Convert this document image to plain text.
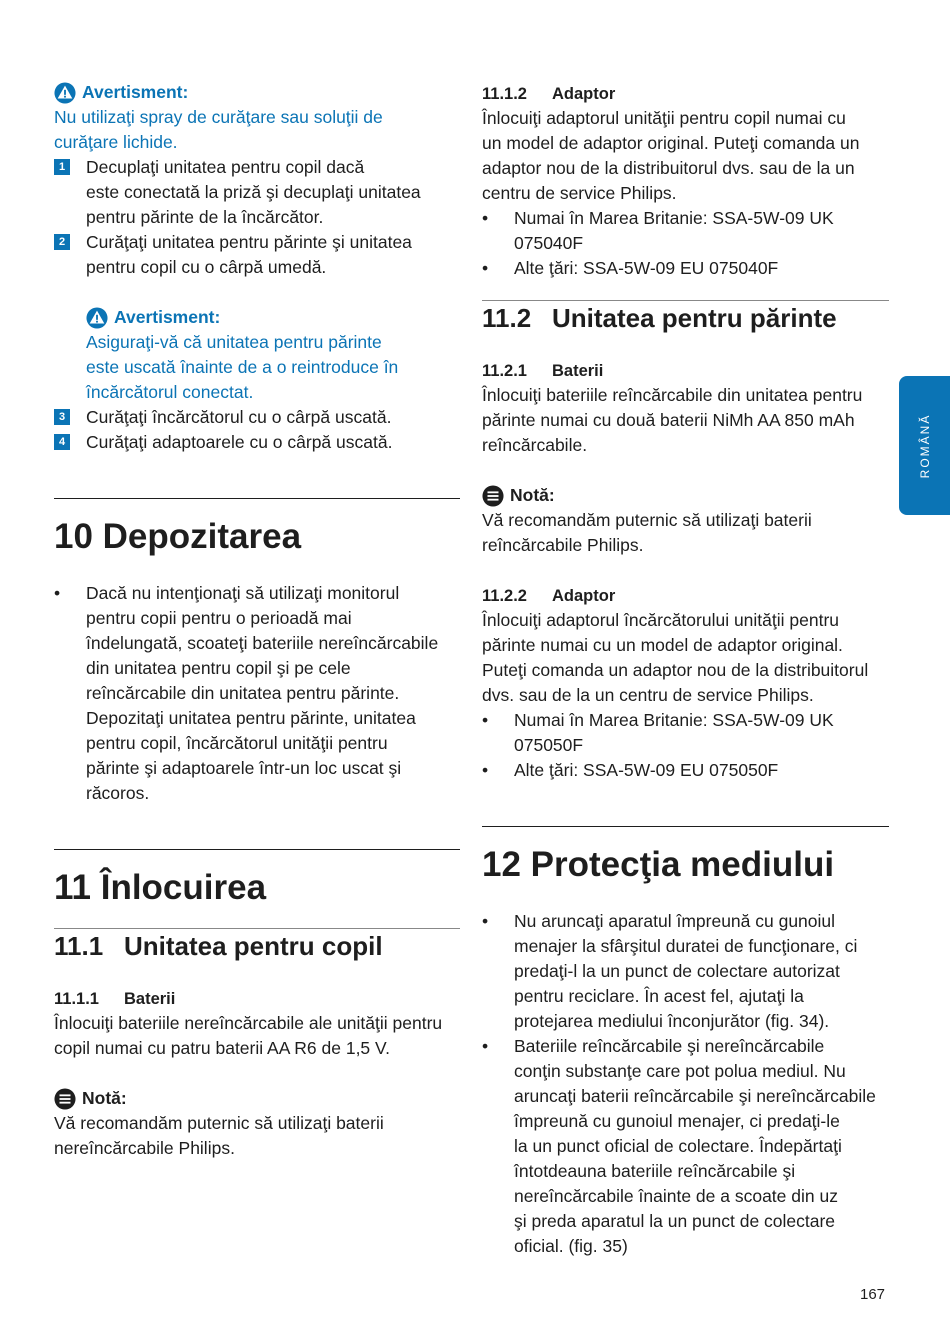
Avertisment:

Nu utilizaţi spray de curăţare sau soluţii de

curăţare lichide.

1 Decuplaţi unitatea pentru copil dacă

este conectată la priză şi decuplaţi unitatea

pentru părinte de la încărcător.

2 Curăţaţi unitatea pentru părinte şi unitatea

pentru copil cu o cârpă umedă.

Avertisment:

Asiguraţi-vă că unitatea pentru părinte

este uscată înainte de a o reintroduce în

încărcătorul conectat.

3 Curăţaţi încărcătorul cu o cârpă uscată.

4 Curăţaţi adaptoarele cu o cârpă uscată.

10 Depozitarea
•	Dacă nu intenţionaţi să utilizaţi monitorul

pentru copii pentru o perioadă mai

îndelungată, scoateţi bateriile nereîncărcabile

din unitatea pentru copil şi pe cele

reîncărcabile din unitatea pentru părinte.

Depozitaţi unitatea pentru părinte, unitatea

pentru copil, încărcătorul unităţii pentru

părinte şi adaptoarele într-un loc uscat şi

răcoros.

11 Înlocuirea
11.1 Unitatea pentru copil
11.1.1	Baterii

Înlocuiţi bateriile nereîncărcabile ale unităţii pentru

copil numai cu patru baterii AA R6 de 1,5 V.

Notă:

Vă recomandăm puternic să utilizaţi baterii

nereîncărcabile Philips.

11.1.2	Adaptor

Înlocuiţi adaptorul unităţii pentru copil numai cu

un model de adaptor original. Puteţi comanda un

adaptor nou de la distribuitorul dvs. sau de la un

centru de service Philips.

•	Numai în Marea Britanie: SSA-5W-09 UK

075040F

•	Alte ţări: SSA-5W-09 EU 075040F

11.2 Unitatea pentru părinte
11.2.1	Baterii

Înlocuiţi bateriile reîncărcabile din unitatea pentru

părinte numai cu două baterii NiMh AA 850 mAh

reîncărcabile.

Notă:

Vă recomandăm puternic să utilizaţi baterii

reîncărcabile Philips.

11.2.2	Adaptor

Înlocuiţi adaptorul încărcătorului unităţii pentru

părinte numai cu un model de adaptor original.

Puteţi comanda un adaptor nou de la distribuitorul

dvs. sau de la un centru de service Philips.

•	Numai în Marea Britanie: SSA-5W-09 UK

075050F

•	Alte ţări: SSA-5W-09 EU 075050F

12 Protecţia mediului
•	Nu aruncaţi aparatul împreună cu gunoiul

menajer la sfârşitul duratei de funcţionare, ci

predaţi-l la un punct de colectare autorizat

pentru reciclare. În acest fel, ajutaţi la

protejarea mediului înconjurător (fig. 34).

•	Bateriile reîncărcabile şi nereîncărcabile

conţin substanţe care pot polua mediul. Nu

aruncaţi baterii reîncărcabile şi nereîncărcabile

împreună cu gunoiul menajer, ci predaţi-le

la un punct oficial de colectare. Îndepărtaţi

întotdeauna bateriile reîncărcabile şi

nereîncărcabile înainte de a scoate din uz

şi preda aparatul la un punct de colectare

oficial. (fig. 35)

ROMÂNĂ
167
